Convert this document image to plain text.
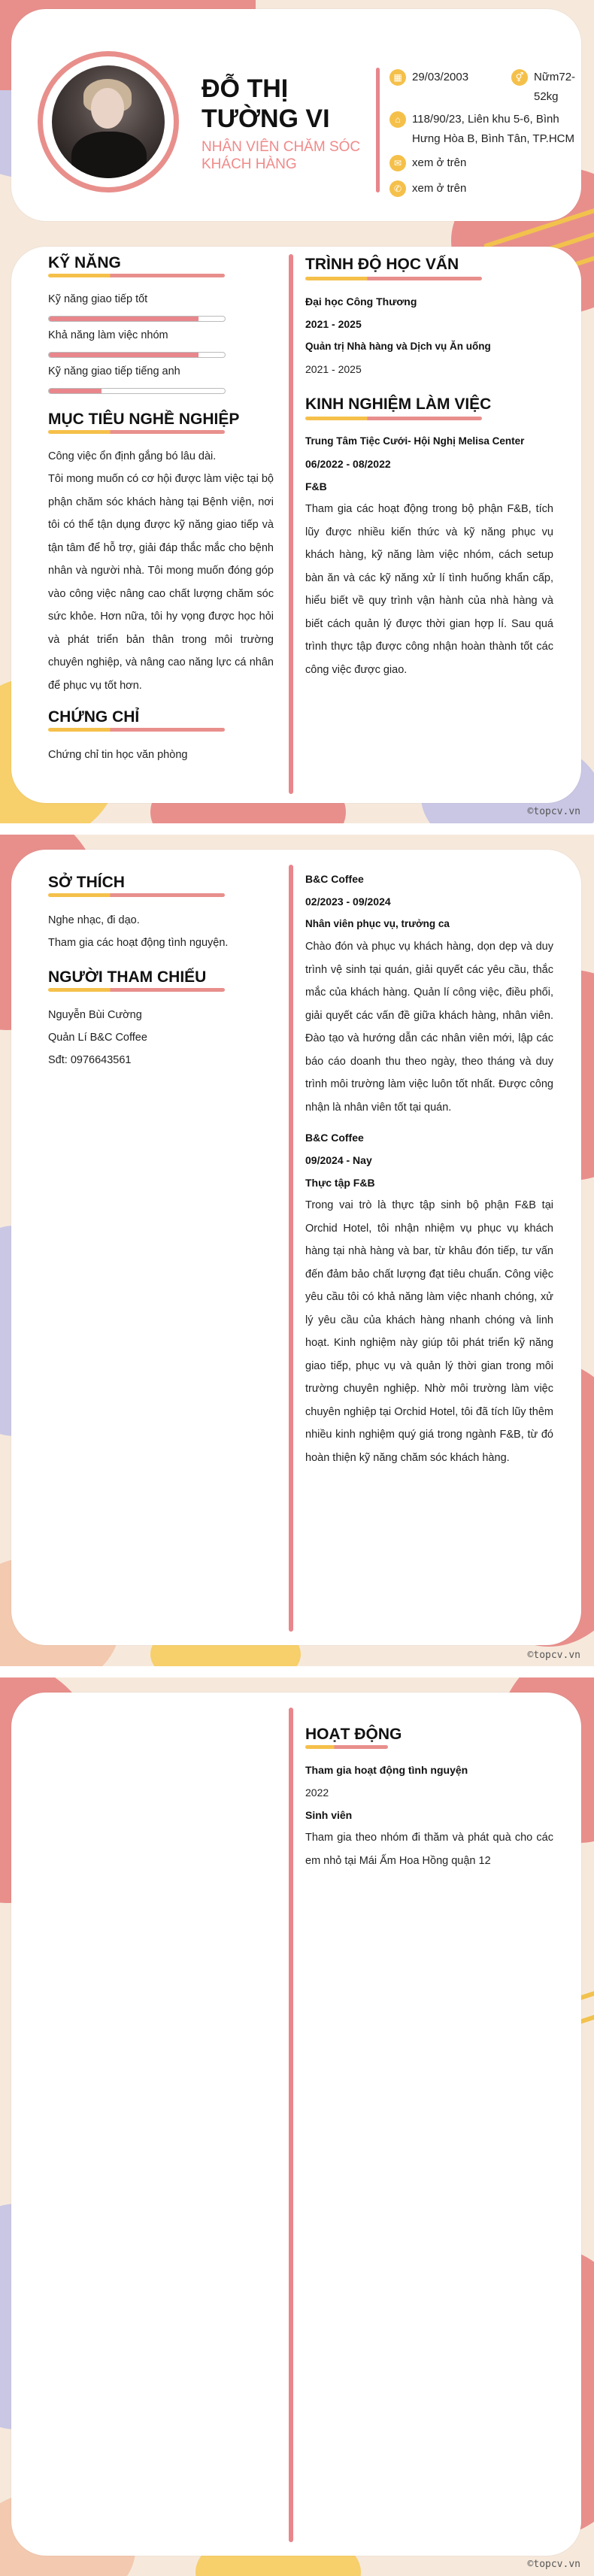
ĐỖ THỊ TƯỜNG VI
NHÂN VIÊN CHĂM SÓC KHÁCH HÀNG
▦ 29/03/2003	⚥ Nữm72-52kg
⌂	118/90/23, Liên khu 5-6, Bình Hưng Hòa B, Bình Tân, TP.HCM
✉ xem ở trên
✆ xem ở trên
KỸ NĂNG
Kỹ năng giao tiếp tốt
Khả năng làm việc nhóm
Kỹ năng giao tiếp tiếng anh
MỤC TIÊU NGHỀ NGHIỆP
Công việc ổn định gắng bó lâu dài.
Tôi mong muốn có cơ hội được làm việc tại bộ phận chăm sóc khách hàng tại Bệnh viện, nơi tôi có thể tận dụng được kỹ năng giao tiếp và tận tâm để hỗ trợ, giải đáp thắc mắc cho bệnh nhân và người nhà. Tôi mong muốn đóng góp vào công việc nâng cao chất lượng chăm sóc sức khỏe. Hơn nữa, tôi hy vọng được học hỏi và phát triển bản thân trong môi trường chuyên nghiệp, và nâng cao năng lực cá nhân để phục vụ tốt hơn.
CHỨNG CHỈ
Chứng chỉ tin học văn phòng
TRÌNH ĐỘ HỌC VẤN
Đại học Công Thương
2021 - 2025
Quản trị Nhà hàng và Dịch vụ Ăn uống
2021 - 2025
KINH NGHIỆM LÀM VIỆC
Trung Tâm Tiệc Cưới- Hội Nghị Melisa Center
06/2022 - 08/2022
F&B
Tham gia các hoạt động trong bộ phận F&B, tích lũy được nhiều kiến thức và kỹ năng phục vụ khách hàng, kỹ năng làm việc nhóm, cách setup bàn ăn và các kỹ năng xử lí tình huống khẩn cấp, hiểu biết về quy trình vận hành của nhà hàng và biết cách quản lý được thời gian hợp lí. Sau quá trình thực tập được công nhận hoàn thành tốt các công việc được giao.
©topcv.vn
SỞ THÍCH
Nghe nhạc, đi dạo.
Tham gia các hoạt động tình nguyện.
NGƯỜI THAM CHIẾU
Nguyễn Bùi Cường
Quản Lí B&C Coffee
Sđt: 0976643561
B&C Coffee
02/2023 - 09/2024
Nhân viên phục vụ, trưởng ca
Chào đón và phục vụ khách hàng, dọn dẹp và duy trình vệ sinh tại quán, giải quyết các yêu cầu, thắc mắc của khách hàng. Quản lí công việc, điều phối, giải quyết các vấn đề giữa khách hàng, nhân viên. Đào tạo và hướng dẫn các nhân viên mới, lập các báo cáo doanh thu theo ngày, theo tháng và duy trình môi trường làm việc luôn tốt nhất. Được công nhận là nhân viên tốt tại quán.
B&C Coffee
09/2024 - Nay
Thực tập F&B
Trong vai trò là thực tập sinh bộ phận F&B tại Orchid Hotel, tôi nhận nhiệm vụ phục vụ khách hàng tại nhà hàng và bar, từ khâu đón tiếp, tư vấn đến đảm bảo chất lượng đạt tiêu chuẩn. Công việc yêu cầu tôi có khả năng làm việc nhanh chóng, xử lý yêu cầu của khách hàng nhanh chóng và linh hoạt. Kinh nghiệm này giúp tôi phát triển kỹ năng giao tiếp, phục vụ và quản lý thời gian trong môi trường chuyên nghiệp. Nhờ môi trường làm việc chuyên nghiệp tại Orchid Hotel, tôi đã tích lũy thêm nhiều kinh nghiệm quý giá trong ngành F&B, từ đó hoàn thiện kỹ năng chăm sóc khách hàng.
©topcv.vn
HOẠT ĐỘNG
Tham gia hoạt động tình nguyện
2022
Sinh viên
Tham gia theo nhóm đi thăm và phát quà cho các em nhỏ tại Mái Ấm Hoa Hồng quận 12
©topcv.vn
